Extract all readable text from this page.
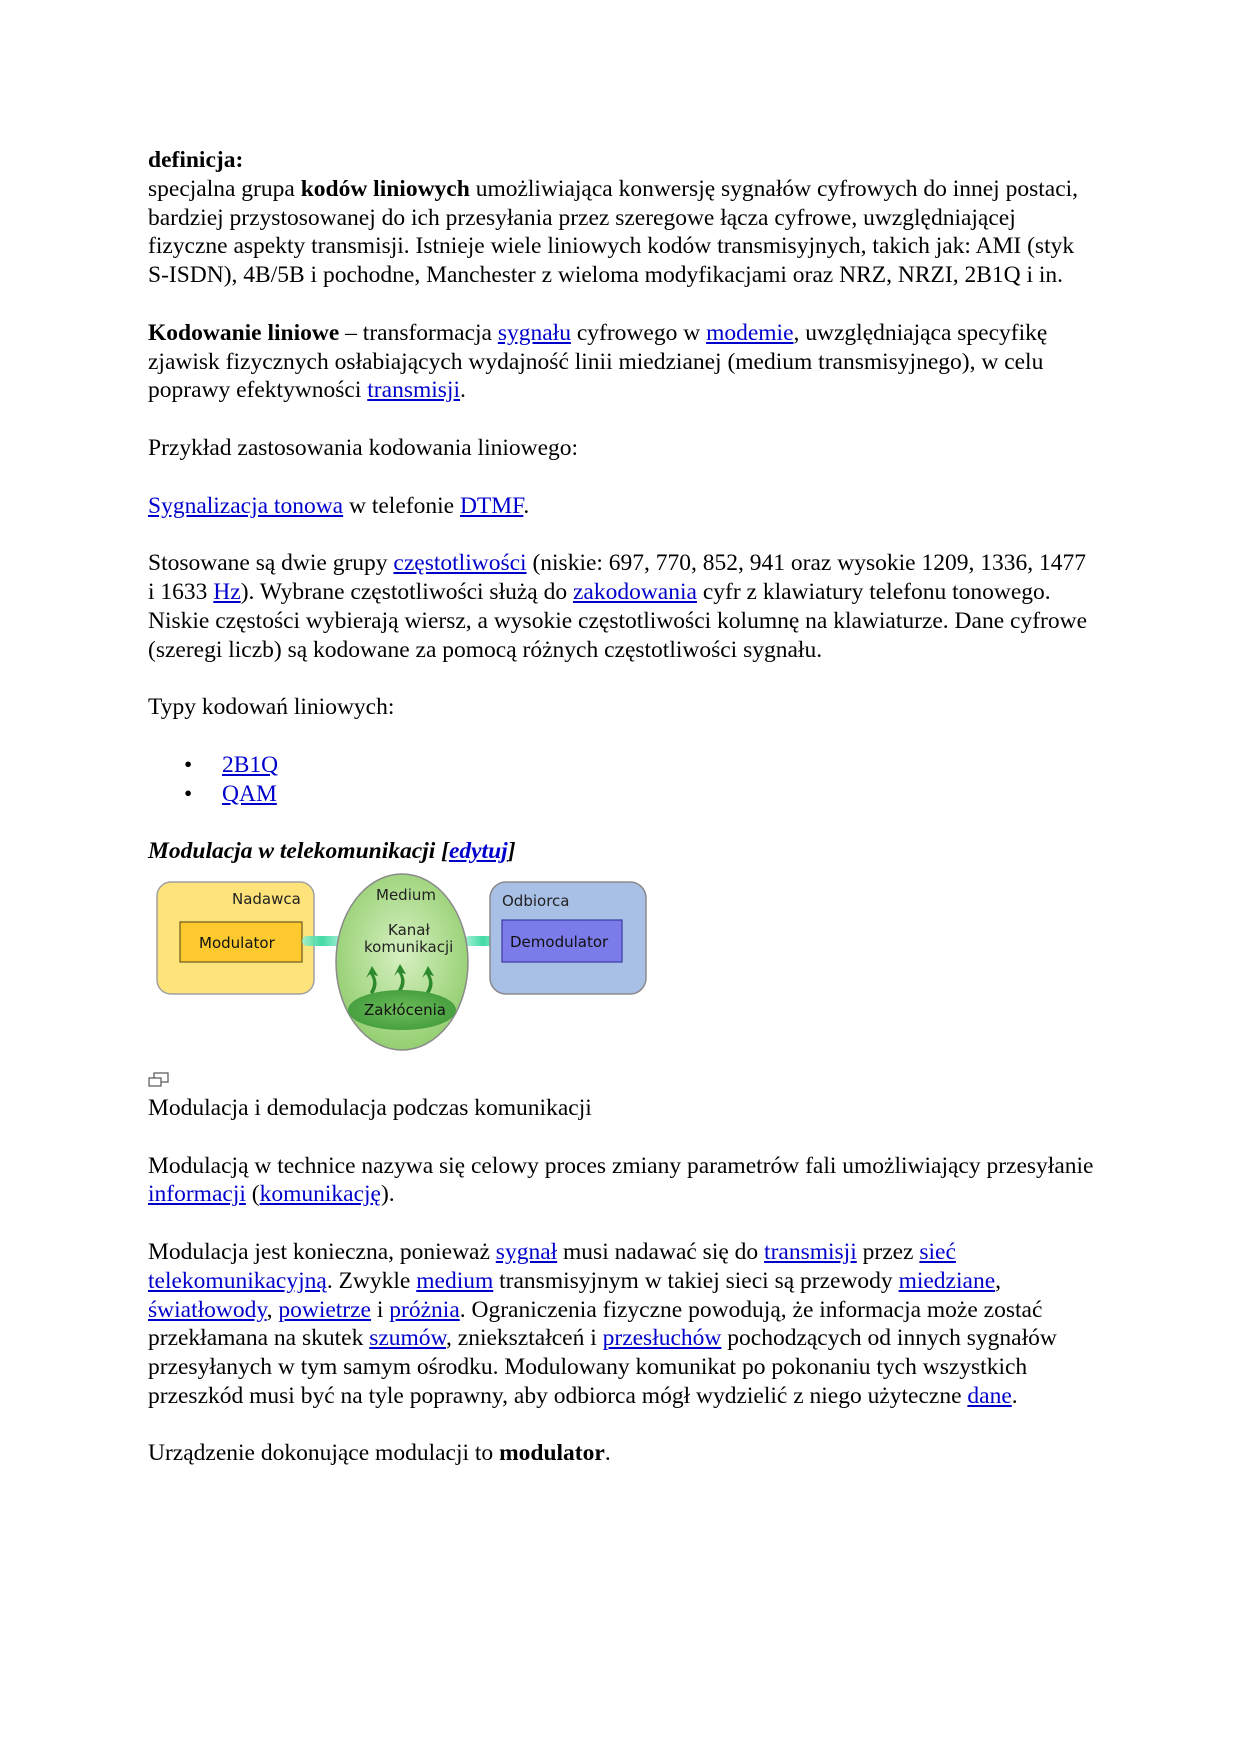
definicja:

specjalna grupa kodów liniowych umożliwiająca konwersję sygnałów cyfrowych do innej postaci, bardziej przystosowanej do ich przesyłania przez szeregowe łącza cyfrowe, uwzględniającej fizyczne aspekty transmisji. Istnieje wiele liniowych kodów transmisyjnych, takich jak: AMI (styk S-ISDN), 4B/5B i pochodne, Manchester z wieloma modyfikacjami oraz NRZ, NRZI, 2B1Q i in.

Kodowanie liniowe – transformacja sygnału cyfrowego w modemie, uwzględniająca specyfikę zjawisk fizycznych osłabiających wydajność linii miedzianej (medium transmisyjnego), w celu poprawy efektywności transmisji.

Przykład zastosowania kodowania liniowego:

Sygnalizacja tonowa w telefonie DTMF.

Stosowane są dwie grupy częstotliwości (niskie: 697, 770, 852, 941 oraz wysokie 1209, 1336, 1477 i 1633 Hz). Wybrane częstotliwości służą do zakodowania cyfr z klawiatury telefonu tonowego. Niskie częstości wybierają wiersz, a wysokie częstotliwości kolumnę na klawiaturze. Dane cyfrowe (szeregi liczb) są kodowane za pomocą różnych częstotliwości sygnału.

Typy kodowań liniowych:

• 2B1Q
• QAM

Modulacja w telekomunikacji [edytuj]

Nadawca
Modulator
Medium
Kanał
komunikacji
Zakłócenia
Odbiorca
Demodulator

Modulacja i demodulacja podczas komunikacji

Modulacją w technice nazywa się celowy proces zmiany parametrów fali umożliwiający przesyłanie informacji (komunikację).

Modulacja jest konieczna, ponieważ sygnał musi nadawać się do transmisji przez sieć telekomunikacyjną. Zwykle medium transmisyjnym w takiej sieci są przewody miedziane, światłowody, powietrze i próżnia. Ograniczenia fizyczne powodują, że informacja może zostać przekłamana na skutek szumów, zniekształceń i przesłuchów pochodzących od innych sygnałów przesyłanych w tym samym ośrodku. Modulowany komunikat po pokonaniu tych wszystkich przeszkód musi być na tyle poprawny, aby odbiorca mógł wydzielić z niego użyteczne dane.

Urządzenie dokonujące modulacji to modulator.
